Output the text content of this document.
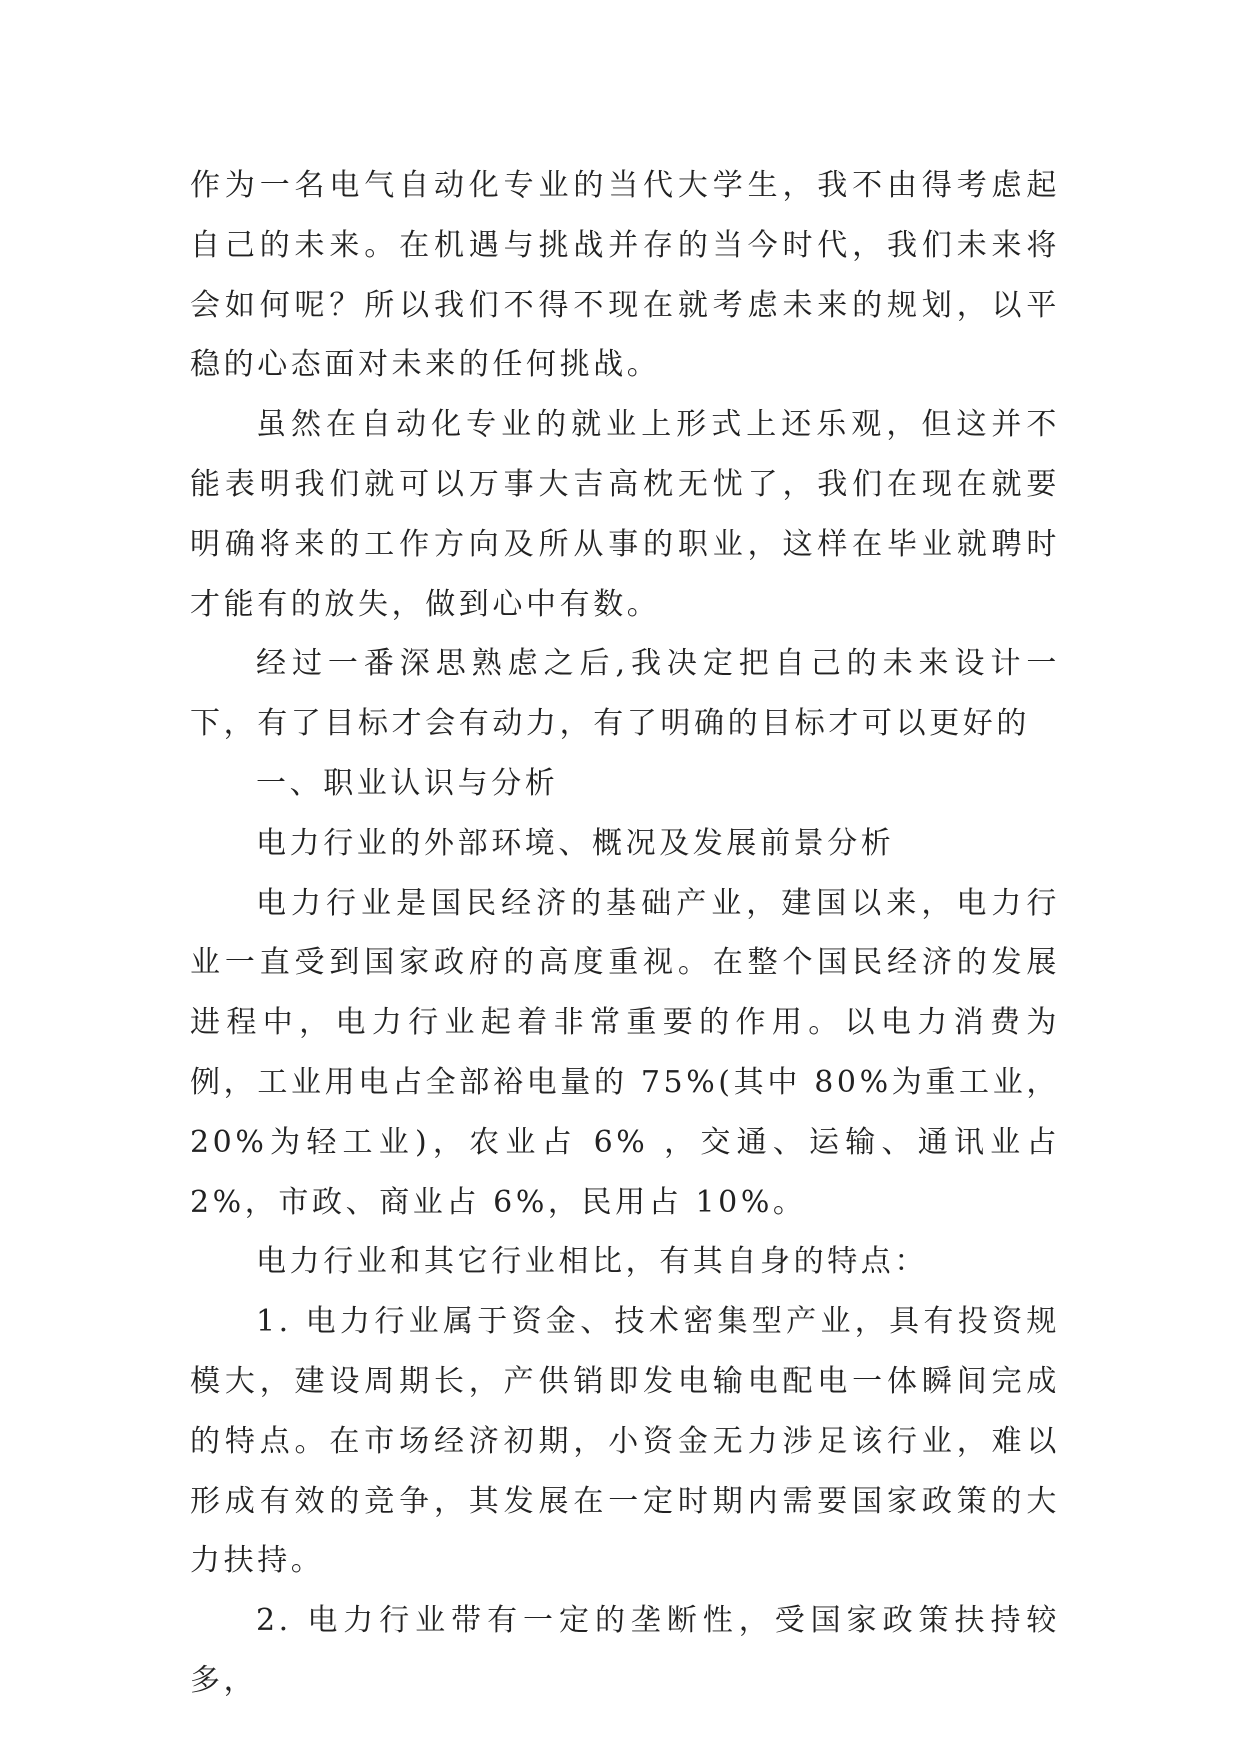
作为一名电气自动化专业的当代大学生，我不由得考虑起自己的未来。在机遇与挑战并存的当今时代，我们未来将会如何呢？所以我们不得不现在就考虑未来的规划，以平稳的心态面对未来的任何挑战。

虽然在自动化专业的就业上形式上还乐观，但这并不能表明我们就可以万事大吉高枕无忧了，我们在现在就要明确将来的工作方向及所从事的职业，这样在毕业就聘时才能有的放失，做到心中有数。

经过一番深思熟虑之后,我决定把自己的未来设计一下，有了目标才会有动力，有了明确的目标才可以更好的

一、职业认识与分析

电力行业的外部环境、概况及发展前景分析

电力行业是国民经济的基础产业，建国以来，电力行业一直受到国家政府的高度重视。在整个国民经济的发展进程中，电力行业起着非常重要的作用。以电力消费为例，工业用电占全部裕电量的 75%(其中 80%为重工业，20%为轻工业)，农业占 6% ，交通、运输、通讯业占 2%，市政、商业占 6%，民用占 10%。

电力行业和其它行业相比，有其自身的特点：

1. 电力行业属于资金、技术密集型产业，具有投资规模大，建设周期长，产供销即发电输电配电一体瞬间完成的特点。在市场经济初期，小资金无力涉足该行业，难以形成有效的竞争，其发展在一定时期内需要国家政策的大力扶持。

2. 电力行业带有一定的垄断性，受国家政策扶持较多，
